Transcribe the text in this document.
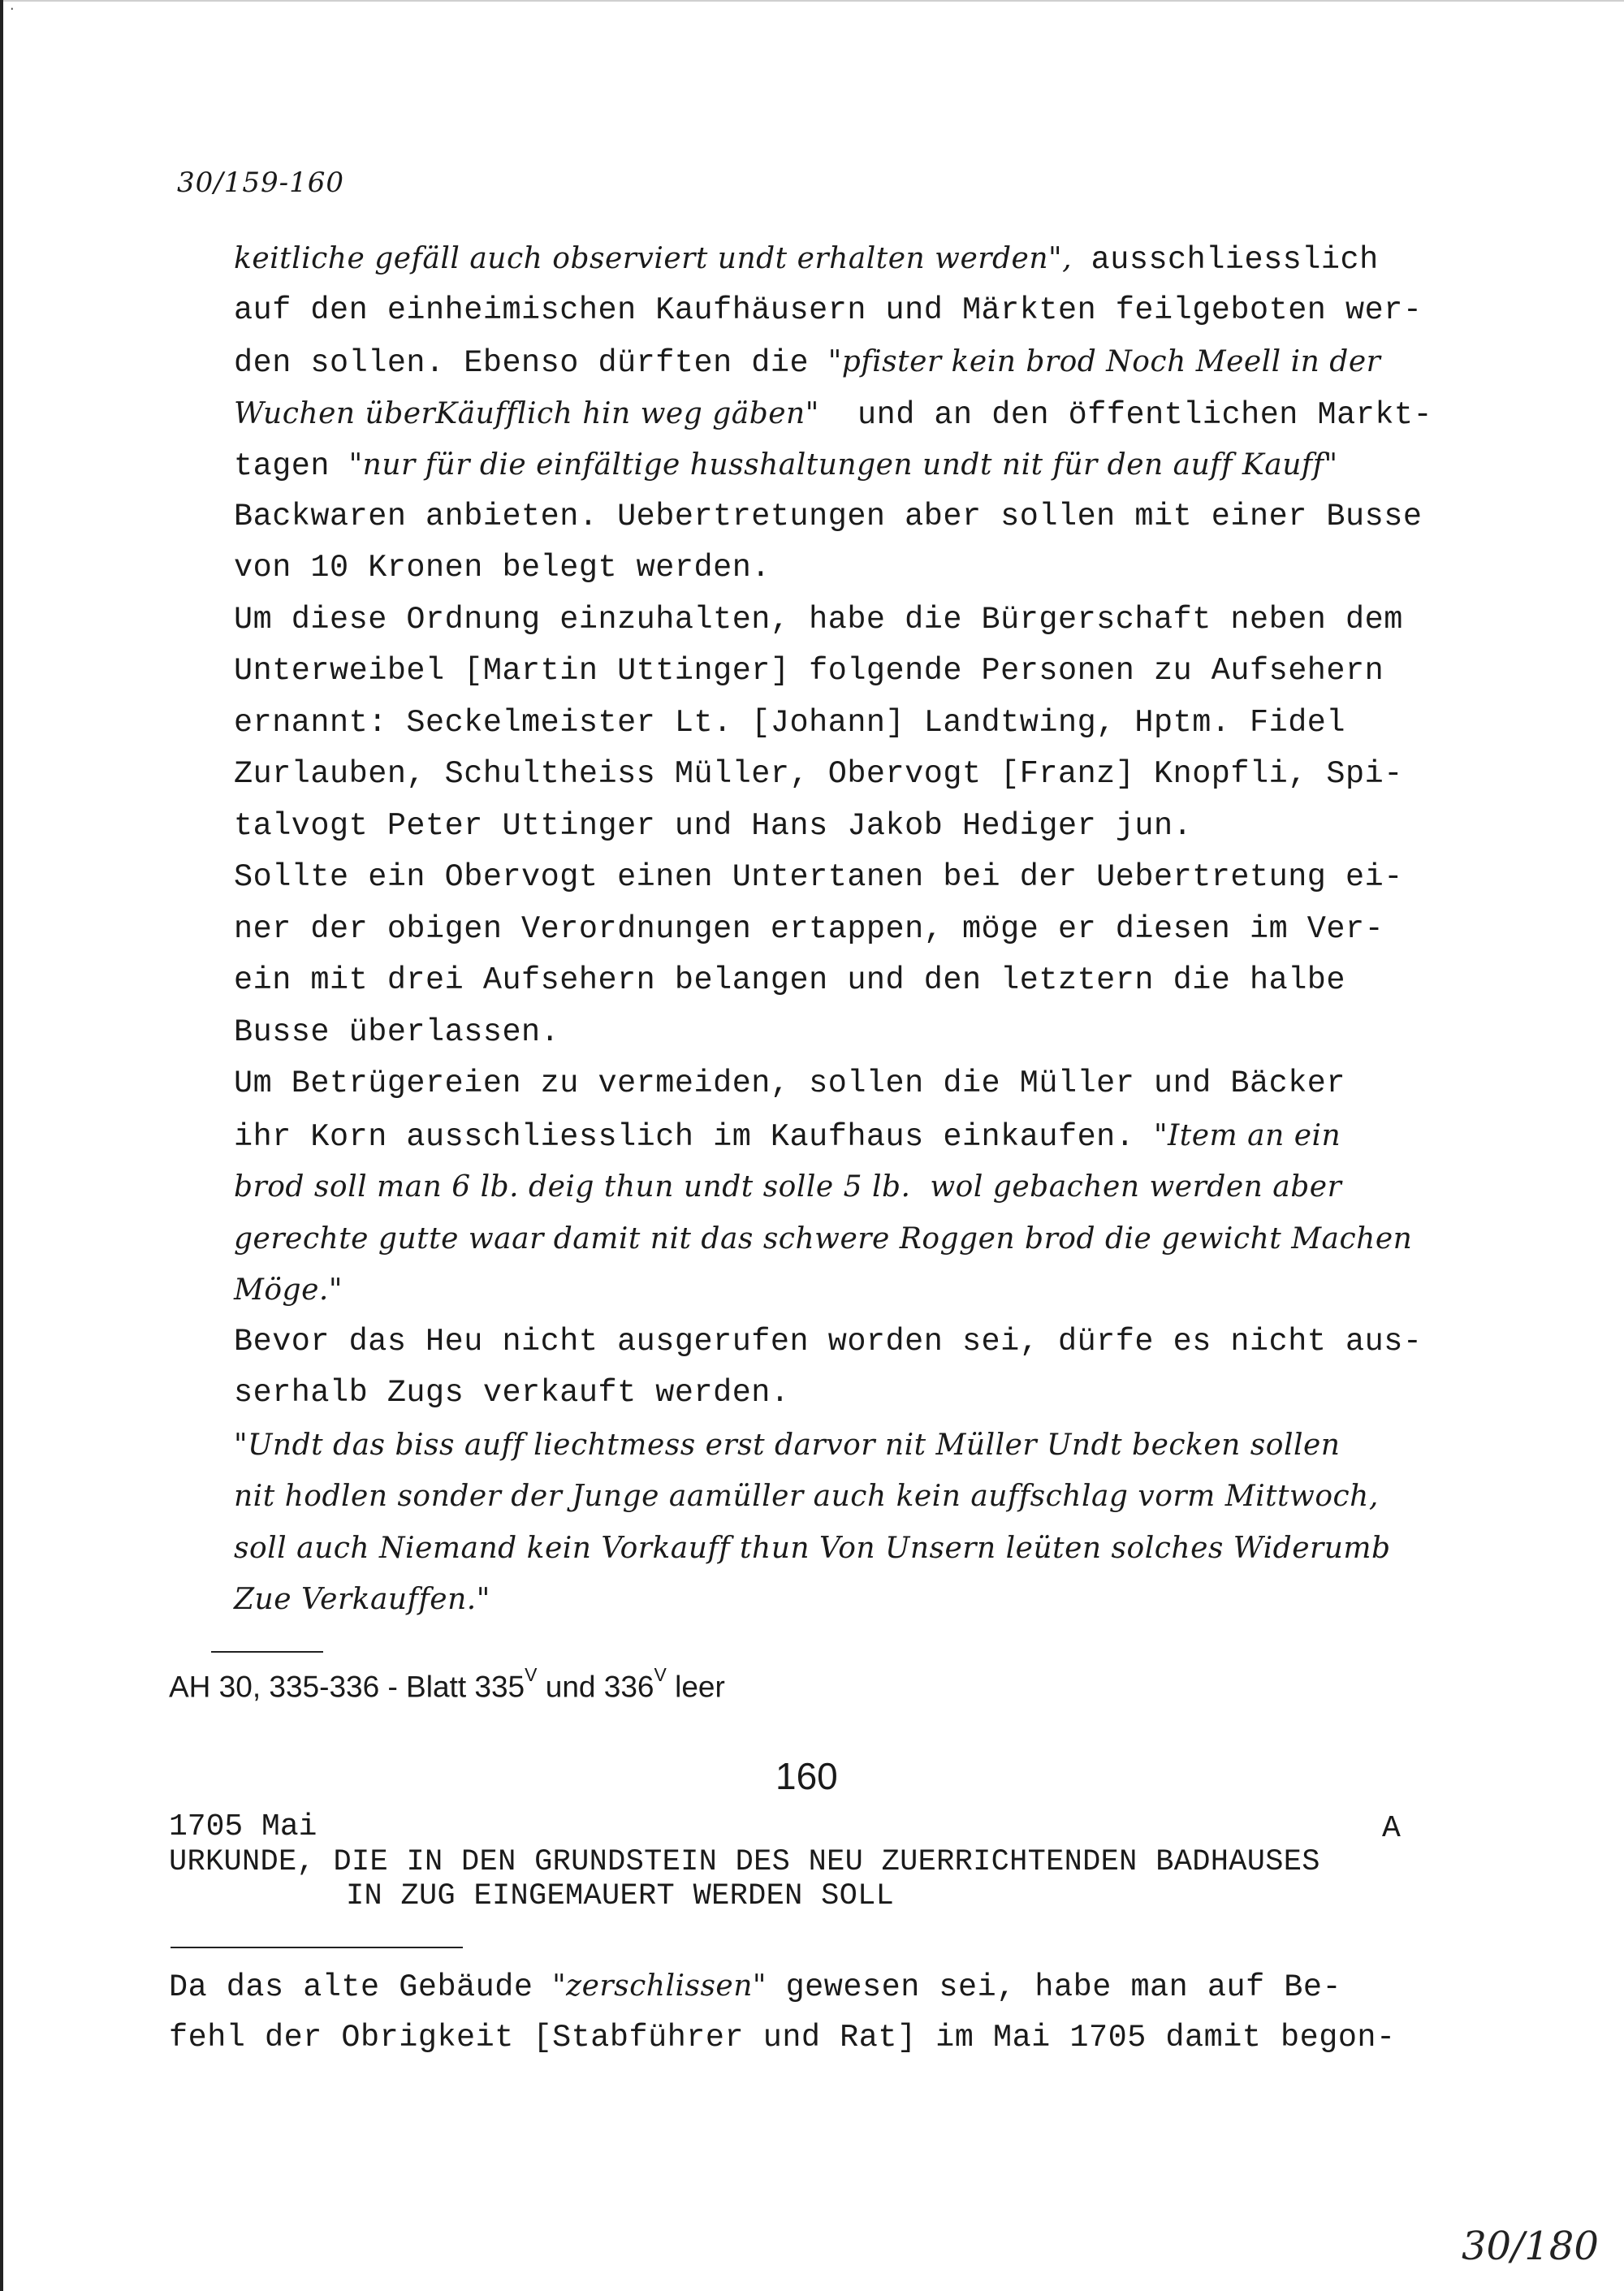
·
30/159-160
keitliche gefäll auch observiert undt erhalten werden", ausschliesslich
auf den einheimischen Kaufhäusern und Märkten feilgeboten wer-
den sollen. Ebenso dürften die "pfister kein brod Noch Meell in der
Wuchen überKäufflich hin weg gäben"  und an den öffentlichen Markt-
tagen "nur für die einfältige husshaltungen undt nit für den auff Kauff"
Backwaren anbieten. Uebertretungen aber sollen mit einer Busse
von 10 Kronen belegt werden.
Um diese Ordnung einzuhalten, habe die Bürgerschaft neben dem
Unterweibel [Martin Uttinger] folgende Personen zu Aufsehern
ernannt: Seckelmeister Lt. [Johann] Landtwing, Hptm. Fidel
Zurlauben, Schultheiss Müller, Obervogt [Franz] Knopfli, Spi-
talvogt Peter Uttinger und Hans Jakob Hediger jun.
Sollte ein Obervogt einen Untertanen bei der Uebertretung ei-
ner der obigen Verordnungen ertappen, möge er diesen im Ver-
ein mit drei Aufsehern belangen und den letztern die halbe
Busse überlassen.
Um Betrügereien zu vermeiden, sollen die Müller und Bäcker
ihr Korn ausschliesslich im Kaufhaus einkaufen. "Item an ein
brod soll man 6 lb. deig thun undt solle 5 lb.  wol gebachen werden aber
gerechte gutte waar damit nit das schwere Roggen brod die gewicht Machen
Möge."
Bevor das Heu nicht ausgerufen worden sei, dürfe es nicht aus-
serhalb Zugs verkauft werden.
"Undt das biss auff liechtmess erst darvor nit Müller Undt becken sollen
nit hodlen sonder der Junge aamüller auch kein auffschlag vorm Mittwoch,
soll auch Niemand kein Vorkauff thun Von Unsern leüten solches Widerumb
Zue Verkauffen."
AH 30, 335-336 - Blatt $335^V$ und $336^V$ leer
160
1705 Mai	A
URKUNDE, DIE IN DEN GRUNDSTEIN DES NEU ZUERRICHTENDEN BADHAUSES
IN ZUG EINGEMAUERT WERDEN SOLL
Da das alte Gebäude "zerschlissen" gewesen sei, habe man auf Be-
fehl der Obrigkeit [Stabführer und Rat] im Mai 1705 damit begon-
30/180
